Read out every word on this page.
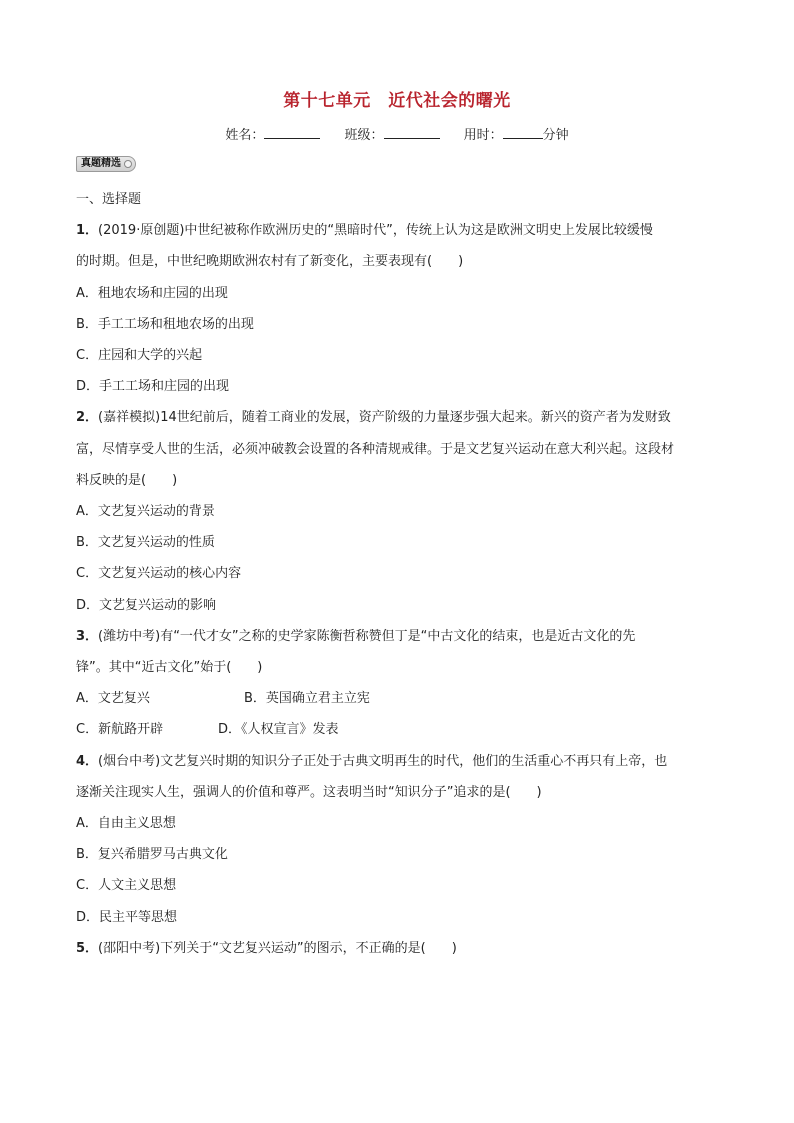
第十七单元　近代社会的曙光
姓名：	班级：	用时：	分钟
真题精选

一、选择题

1．(2019·原创题)中世纪被称作欧洲历史的“黑暗时代”，传统上认为这是欧洲文明史上发展比较缓慢

的时期。但是，中世纪晚期欧洲农村有了新变化，主要表现有(　　)

A．租地农场和庄园的出现

B．手工工场和租地农场的出现

C．庄园和大学的兴起

D．手工工场和庄园的出现

2．(嘉祥模拟)14世纪前后，随着工商业的发展，资产阶级的力量逐步强大起来。新兴的资产者为发财致

富，尽情享受人世的生活，必须冲破教会设置的各种清规戒律。于是文艺复兴运动在意大利兴起。这段材

料反映的是(　　)

A．文艺复兴运动的背景

B．文艺复兴运动的性质

C．文艺复兴运动的核心内容

D．文艺复兴运动的影响

3．(潍坊中考)有“一代才女”之称的史学家陈衡哲称赞但丁是“中古文化的结束，也是近古文化的先

锋”。其中“近古文化”始于(　　)

A．文艺复兴	B．英国确立君主立宪

C．新航路开辟	D．《人权宣言》发表

4．(烟台中考)文艺复兴时期的知识分子正处于古典文明再生的时代，他们的生活重心不再只有上帝，也

逐渐关注现实人生，强调人的价值和尊严。这表明当时“知识分子”追求的是(　　)

A．自由主义思想

B．复兴希腊罗马古典文化

C．人文主义思想

D．民主平等思想

5．(邵阳中考)下列关于“文艺复兴运动”的图示，不正确的是(　　)
